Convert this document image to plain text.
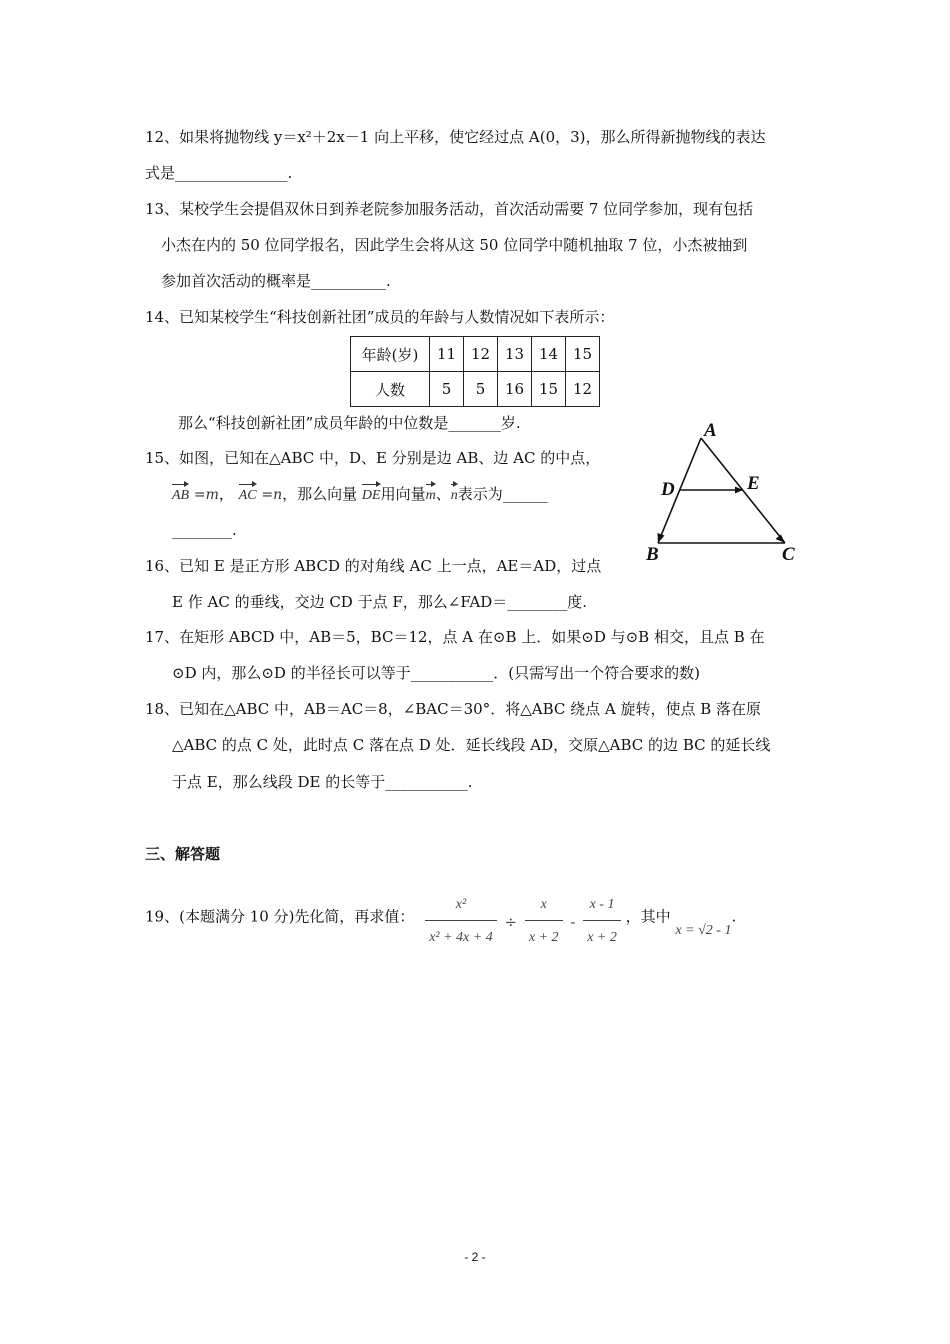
12、如果将抛物线 y＝x²＋2x－1 向上平移，使它经过点 A(0，3)，那么所得新抛物线的表达
式是_______________.
13、某校学生会提倡双休日到养老院参加服务活动，首次活动需要 7 位同学参加，现有包括
小杰在内的 50 位同学报名，因此学生会将从这 50 位同学中随机抽取 7 位，小杰被抽到
参加首次活动的概率是__________.
14、已知某校学生“科技创新社团”成员的年龄与人数情况如下表所示：
年龄(岁)	11	12	13	14	15
人数	5	5	16	15	12
那么“科技创新社团”成员年龄的中位数是_______岁.
15、如图，已知在△ABC 中，D、E 分别是边 AB、边 AC 的中点，
AB =m， AC =n，那么向量 DE用向量m、n表示为______
________.
A
D	E
B	C
16、已知 E 是正方形 ABCD 的对角线 AC 上一点，AE＝AD，过点
E 作 AC 的垂线，交边 CD 于点 F，那么∠FAD＝________度.
17、在矩形 ABCD 中，AB＝5，BC＝12，点 A 在⊙B 上．如果⊙D 与⊙B 相交，且点 B 在
⊙D 内，那么⊙D 的半径长可以等于___________．(只需写出一个符合要求的数)
18、已知在△ABC 中，AB＝AC＝8，∠BAC＝30°．将△ABC 绕点 A 旋转，使点 B 落在原
△ABC 的点 C 处，此时点 C 落在点 D 处．延长线段 AD，交原△ABC 的边 BC 的延长线
于点 E，那么线段 DE 的长等于___________.
三、解答题
19、(本题满分 10 分)先化简，再求值： $\frac{\text{x²}}{\text{x² + 4x + 4}} \div \frac{x}{x + 2} - \frac{x - 1}{x + 2}$ ，其中 x = √2 - 1.
- 2 -
